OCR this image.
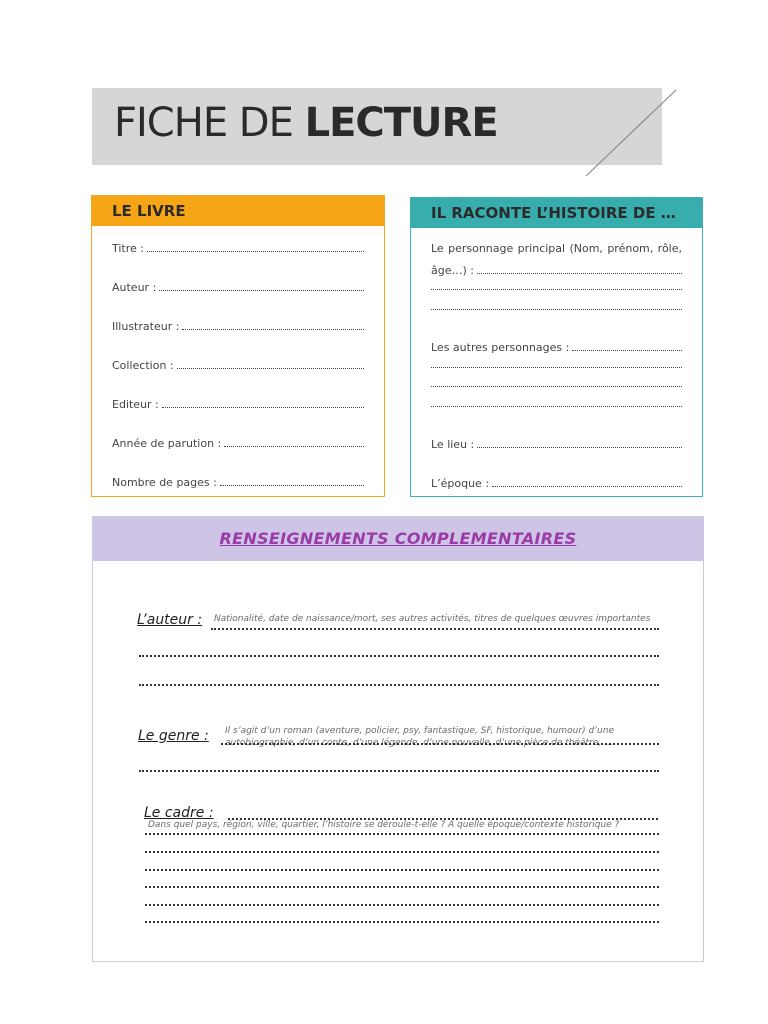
FICHE DE LECTURE
LE LIVRE
Titre :
Auteur :
Illustrateur :
Collection :
Editeur :
Année de parution :
Nombre de pages :
IL RACONTE L’HISTOIRE DE …
Le personnage principal (Nom, prénom, rôle,
âge…) :
Les autres personnages :
Le lieu :
L’époque :
RENSEIGNEMENTS COMPLEMENTAIRES
L’auteur : Nationalité, date de naissance/mort, ses autres activités, titres de quelques œuvres importantes
Le genre : Il s’agit d’un roman (aventure, policier, psy, fantastique, SF, historique, humour) d’une
autobiographie, d’un conte, d’une légende, d’une nouvelle, d’une pièce de théâtre, ….
Le cadre :
Dans quel pays, région, ville, quartier, l’histoire se déroule-t-elle ? A quelle époque/contexte historique ?
